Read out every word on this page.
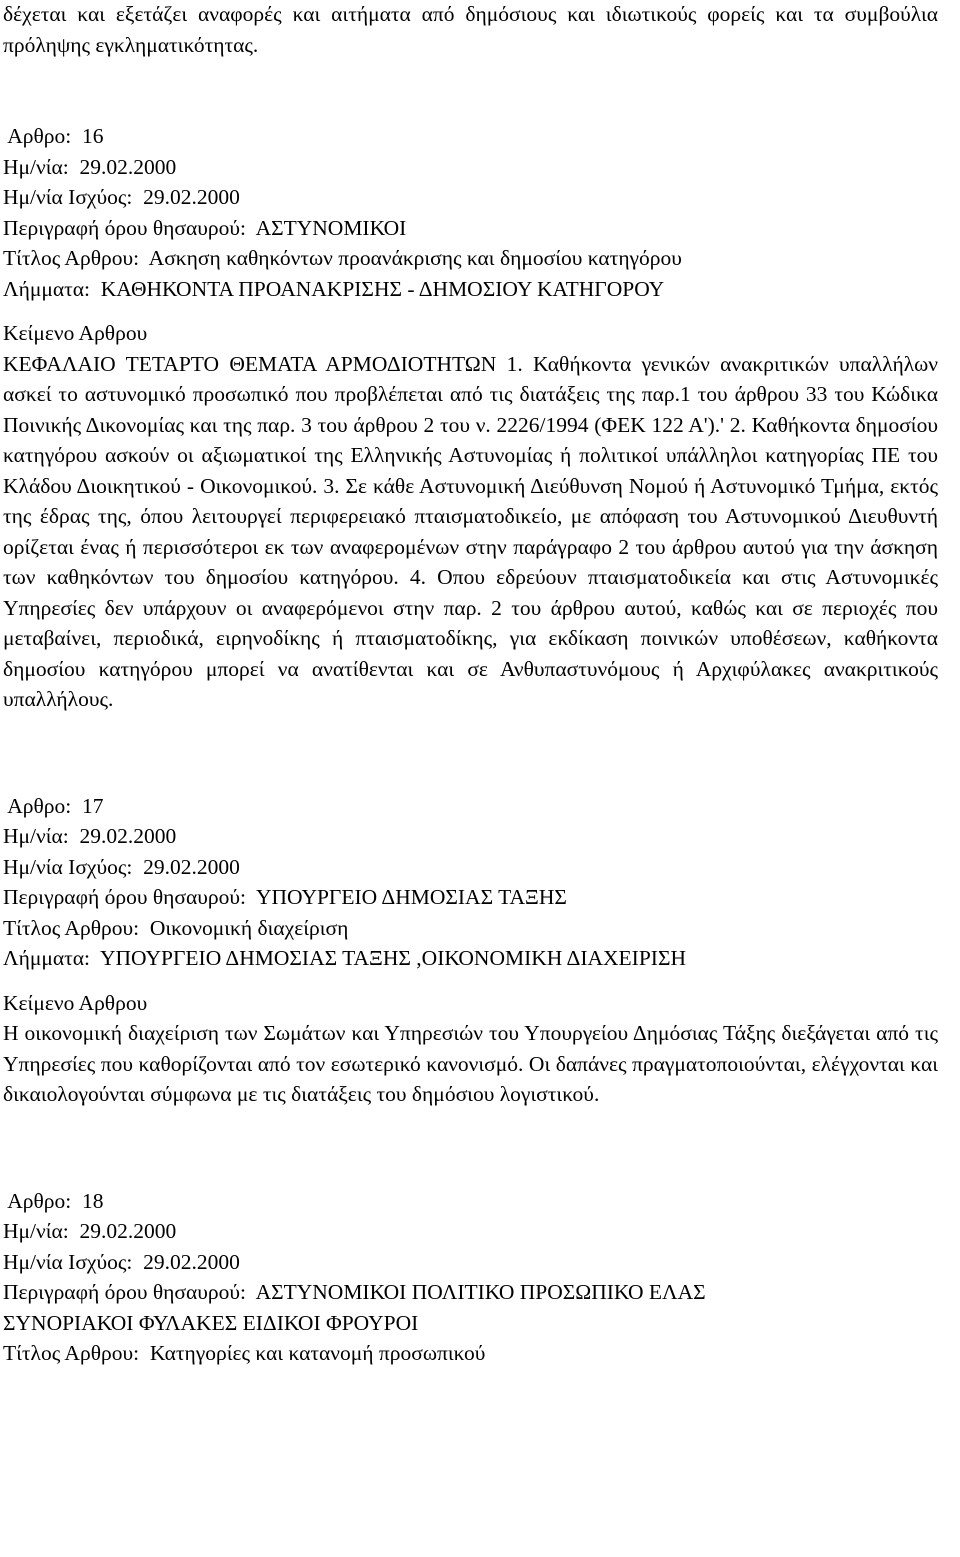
δέχεται και εξετάζει αναφορές και αιτήματα από δημόσιους και ιδιωτικούς φορείς και τα συμβούλια πρόληψης εγκληματικότητας.
Αρθρο: 16
Ημ/νία: 29.02.2000
Ημ/νία Ισχύος: 29.02.2000
Περιγραφή όρου θησαυρού: ΑΣΤΥΝΟΜΙΚΟΙ
Τίτλος Αρθρου: Ασκηση καθηκόντων προανάκρισης και δημοσίου κατηγόρου
Λήμματα: ΚΑΘΗΚΟΝΤΑ ΠΡΟΑΝΑΚΡΙΣΗΣ - ΔΗΜΟΣΙΟΥ ΚΑΤΗΓΟΡΟΥ
Κείμενο Αρθρου
ΚΕΦΑΛΑΙΟ ΤΕΤΑΡΤΟ ΘΕΜΑΤΑ ΑΡΜΟΔΙΟΤΗΤΩΝ 1. Καθήκοντα γενικών ανακριτικών υπαλλήλων ασκεί το αστυνομικό προσωπικό που προβλέπεται από τις διατάξεις της παρ.1 του άρθρου 33 του Κώδικα Ποινικής Δικονομίας και της παρ. 3 του άρθρου 2 του ν. 2226/1994 (ΦΕΚ 122 Α').' 2. Καθήκοντα δημοσίου κατηγόρου ασκούν οι αξιωματικοί της Ελληνικής Αστυνομίας ή πολιτικοί υπάλληλοι κατηγορίας ΠΕ του Κλάδου Διοικητικού - Οικονομικού. 3. Σε κάθε Αστυνομική Διεύθυνση Νομού ή Αστυνομικό Τμήμα, εκτός της έδρας της, όπου λειτουργεί περιφερειακό πταισματοδικείο, με απόφαση του Αστυνομικού Διευθυντή ορίζεται ένας ή περισσότεροι εκ των αναφερομένων στην παράγραφο 2 του άρθρου αυτού για την άσκηση των καθηκόντων του δημοσίου κατηγόρου. 4. Οπου εδρεύουν πταισματοδικεία και στις Αστυνομικές Υπηρεσίες δεν υπάρχουν οι αναφερόμενοι στην παρ. 2 του άρθρου αυτού, καθώς και σε περιοχές που μεταβαίνει, περιοδικά, ειρηνοδίκης ή πταισματοδίκης, για εκδίκαση ποινικών υποθέσεων, καθήκοντα δημοσίου κατηγόρου μπορεί να ανατίθενται και σε Ανθυπαστυνόμους ή Αρχιφύλακες ανακριτικούς υπαλλήλους.
Αρθρο: 17
Ημ/νία: 29.02.2000
Ημ/νία Ισχύος: 29.02.2000
Περιγραφή όρου θησαυρού: ΥΠΟΥΡΓΕΙΟ ΔΗΜΟΣΙΑΣ ΤΑΞΗΣ
Τίτλος Αρθρου: Οικονομική διαχείριση
Λήμματα: ΥΠΟΥΡΓΕΙΟ ΔΗΜΟΣΙΑΣ ΤΑΞΗΣ ,ΟΙΚΟΝΟΜΙΚΗ ΔΙΑΧΕΙΡΙΣΗ
Κείμενο Αρθρου
Η οικονομική διαχείριση των Σωμάτων και Υπηρεσιών του Υπουργείου Δημόσιας Τάξης διεξάγεται από τις Υπηρεσίες που καθορίζονται από τον εσωτερικό κανονισμό. Οι δαπάνες πραγματοποιούνται, ελέγχονται και δικαιολογούνται σύμφωνα με τις διατάξεις του δημόσιου λογιστικού.
Αρθρο: 18
Ημ/νία: 29.02.2000
Ημ/νία Ισχύος: 29.02.2000
Περιγραφή όρου θησαυρού: ΑΣΤΥΝΟΜΙΚΟΙ ΠΟΛΙΤΙΚΟ ΠΡΟΣΩΠΙΚΟ ΕΛΑΣ
ΣΥΝΟΡΙΑΚΟΙ ΦΥΛΑΚΕΣ ΕΙΔΙΚΟΙ ΦΡΟΥΡΟΙ
Τίτλος Αρθρου: Κατηγορίες και κατανομή προσωπικού
